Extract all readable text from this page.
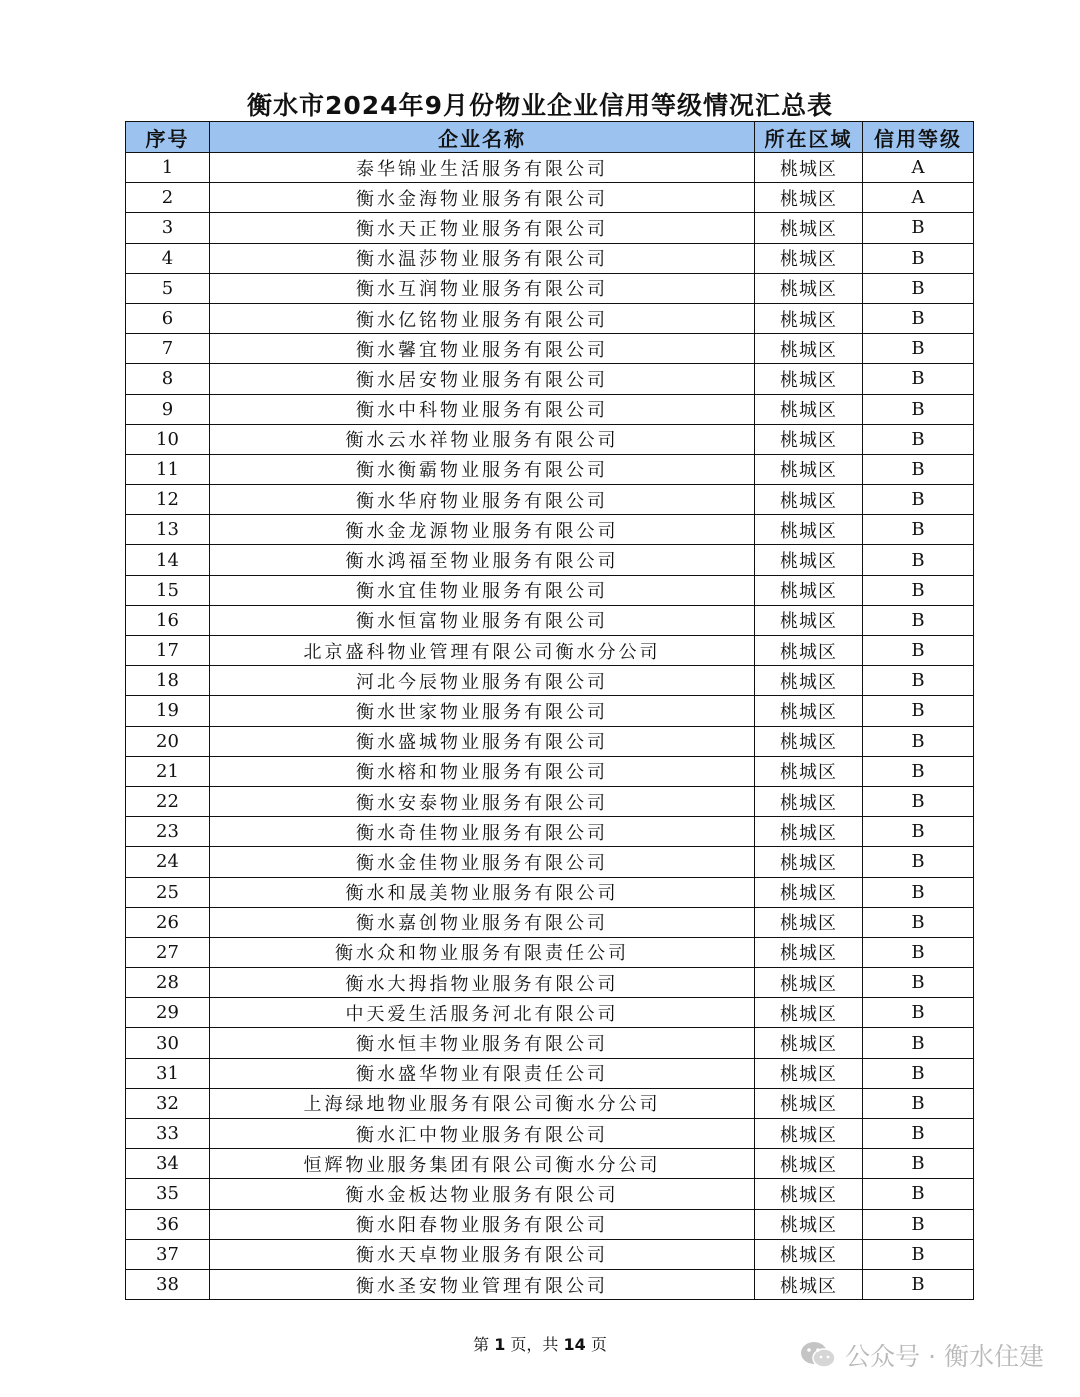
衡水市2024年9月份物业企业信用等级情况汇总表
序号	企业名称	所在区域	信用等级
1	泰华锦业生活服务有限公司	桃城区	A
2	衡水金海物业服务有限公司	桃城区	A
3	衡水天正物业服务有限公司	桃城区	B
4	衡水温莎物业服务有限公司	桃城区	B
5	衡水互润物业服务有限公司	桃城区	B
6	衡水亿铭物业服务有限公司	桃城区	B
7	衡水馨宜物业服务有限公司	桃城区	B
8	衡水居安物业服务有限公司	桃城区	B
9	衡水中科物业服务有限公司	桃城区	B
10	衡水云水祥物业服务有限公司	桃城区	B
11	衡水衡霸物业服务有限公司	桃城区	B
12	衡水华府物业服务有限公司	桃城区	B
13	衡水金龙源物业服务有限公司	桃城区	B
14	衡水鸿福至物业服务有限公司	桃城区	B
15	衡水宜佳物业服务有限公司	桃城区	B
16	衡水恒富物业服务有限公司	桃城区	B
17	北京盛科物业管理有限公司衡水分公司	桃城区	B
18	河北今辰物业服务有限公司	桃城区	B
19	衡水世家物业服务有限公司	桃城区	B
20	衡水盛城物业服务有限公司	桃城区	B
21	衡水榕和物业服务有限公司	桃城区	B
22	衡水安泰物业服务有限公司	桃城区	B
23	衡水奇佳物业服务有限公司	桃城区	B
24	衡水金佳物业服务有限公司	桃城区	B
25	衡水和晟美物业服务有限公司	桃城区	B
26	衡水嘉创物业服务有限公司	桃城区	B
27	衡水众和物业服务有限责任公司	桃城区	B
28	衡水大拇指物业服务有限公司	桃城区	B
29	中天爱生活服务河北有限公司	桃城区	B
30	衡水恒丰物业服务有限公司	桃城区	B
31	衡水盛华物业有限责任公司	桃城区	B
32	上海绿地物业服务有限公司衡水分公司	桃城区	B
33	衡水汇中物业服务有限公司	桃城区	B
34	恒辉物业服务集团有限公司衡水分公司	桃城区	B
35	衡水金板达物业服务有限公司	桃城区	B
36	衡水阳春物业服务有限公司	桃城区	B
37	衡水天卓物业服务有限公司	桃城区	B
38	衡水圣安物业管理有限公司	桃城区	B
第 1 页，共 14 页	公众号 · 衡水住建
